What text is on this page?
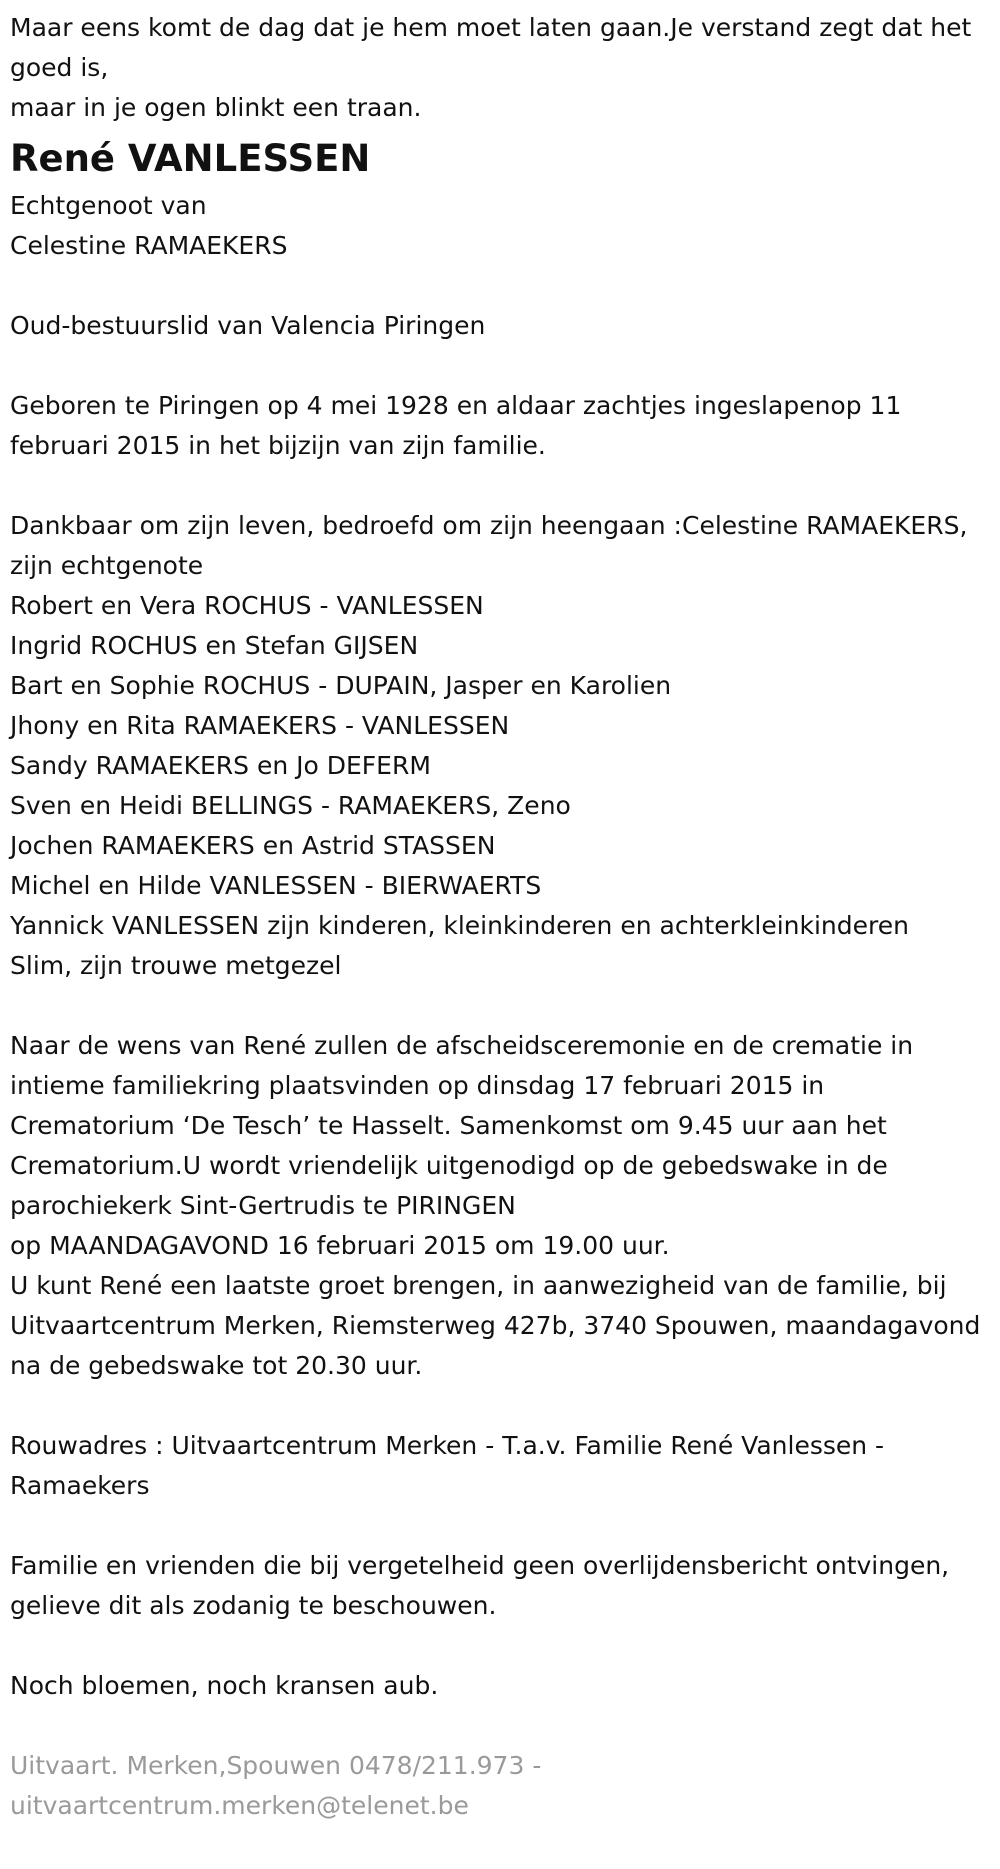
Maar eens komt de dag dat je hem moet laten gaan.Je verstand zegt dat het goed is,
maar in je ogen blinkt een traan.
René VANLESSEN
Echtgenoot van
Celestine RAMAEKERS
Oud-bestuurslid van Valencia Piringen
Geboren te Piringen op 4 mei 1928 en aldaar zachtjes ingeslapenop 11 februari 2015 in het bijzijn van zijn familie.
Dankbaar om zijn leven, bedroefd om zijn heengaan :Celestine RAMAEKERS, zijn echtgenote
Robert en Vera ROCHUS - VANLESSEN
Ingrid ROCHUS en Stefan GIJSEN
Bart en Sophie ROCHUS - DUPAIN, Jasper en Karolien
Jhony en Rita RAMAEKERS - VANLESSEN
Sandy RAMAEKERS en Jo DEFERM
Sven en Heidi BELLINGS - RAMAEKERS, Zeno
Jochen RAMAEKERS en Astrid STASSEN
Michel en Hilde VANLESSEN - BIERWAERTS
Yannick VANLESSEN zijn kinderen, kleinkinderen en achterkleinkinderen
Slim, zijn trouwe metgezel
Naar de wens van René zullen de afscheidsceremonie en de crematie in intieme familiekring plaatsvinden op dinsdag 17 februari 2015 in Crematorium ‘De Tesch’ te Hasselt. Samenkomst om 9.45 uur aan het Crematorium.U wordt vriendelijk uitgenodigd op de gebedswake in de parochiekerk Sint-Gertrudis te PIRINGEN
op MAANDAGAVOND 16 februari 2015 om 19.00 uur.
U kunt René een laatste groet brengen, in aanwezigheid van de familie, bij Uitvaartcentrum Merken, Riemsterweg 427b, 3740 Spouwen, maandagavond na de gebedswake tot 20.30 uur.
Rouwadres : Uitvaartcentrum Merken - T.a.v. Familie René Vanlessen - Ramaekers
Familie en vrienden die bij vergetelheid geen overlijdensbericht ontvingen, gelieve dit als zodanig te beschouwen.
Noch bloemen, noch kransen aub.
Uitvaart. Merken,Spouwen 0478/211.973 - uitvaartcentrum.merken@telenet.be
